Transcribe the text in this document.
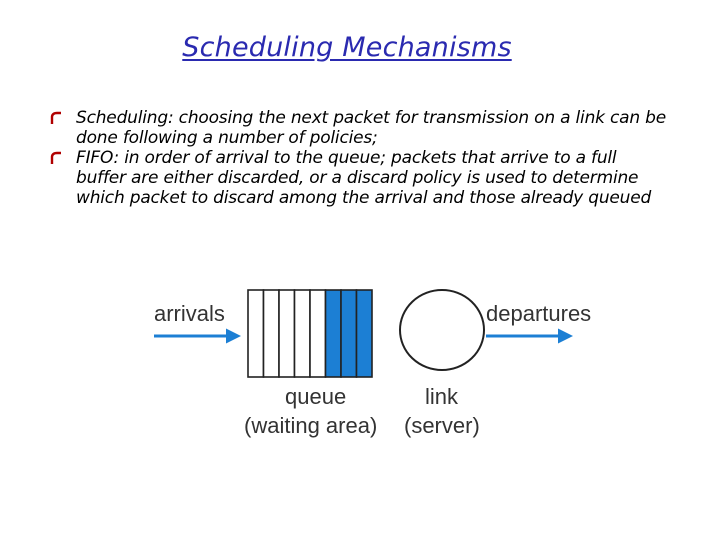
Scheduling Mechanisms
Scheduling: choosing the next packet for transmission on a link can be done following a number of policies;
FIFO: in order of arrival to the queue; packets that arrive to a full buffer are either discarded, or a discard policy is used to determine which packet to discard among the arrival and those already queued
arrivals	departures
queue
(waiting area)
link
(server)
